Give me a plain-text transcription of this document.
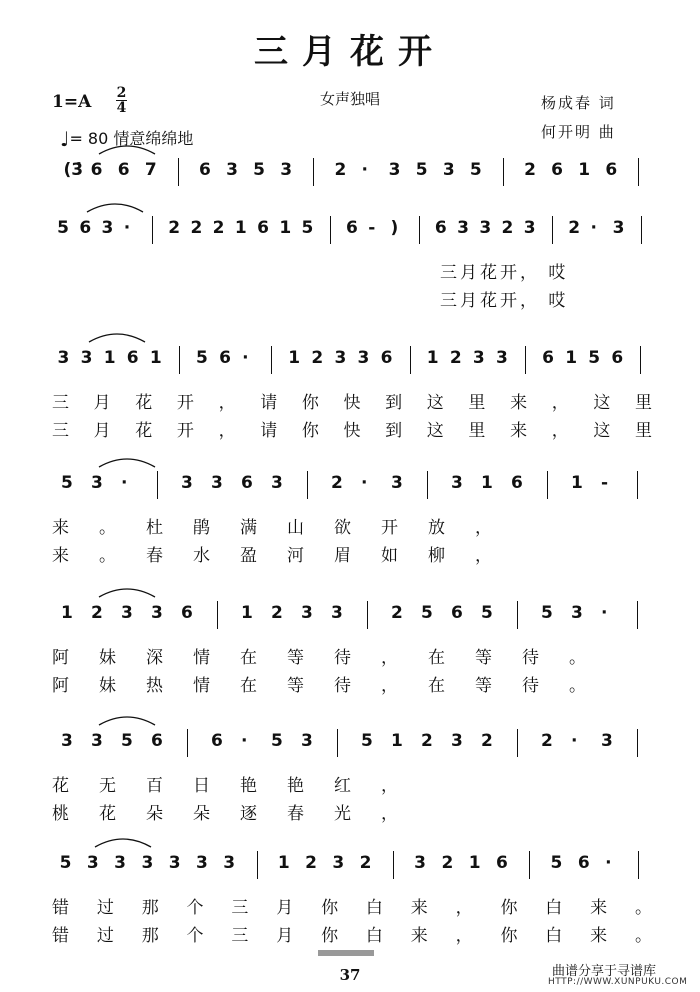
三月花开
1=A 2
4	女声独唱	杨成春 词
何开明 曲
♩= 80 情意绵绵地
(3̇ 6 6 7 6 3 5 3 2 · 3 5 3 5 2 6 1 6
5 6 3 · 2 2 2 1 6 1 5 6 - ) 6 3 3 2 3 2 · 3
三月花开， 哎
三月花开， 哎
3 3 1 6 1 5 6 · 1 2 3 3 6 1 2 3 3 6 1 5 6
三月花开，请你快到这里来，这里
三月花开，请你快到这里来，这里
5 3 ·	3 3 6 3	2 · 3	3 1 6	1 -
来。杜鹃满山欲开放，
来。春水盈河眉如柳，
1 2 3 3 6	1 2 3 3	2 5 6 5	5 3 ·
阿妹深情在等待，在等待。
阿妹热情在等待，在等待。
3 3 5 6	6 · 5 3	5 1 2 3 2	2 · 3
花无百日艳艳红，
桃花朵朵逐春光，
5 3 3 3 3 3 3	1 2 3 2	3 2 1 6	5 6 ·
错过那个三月你白来，你白来。
错过那个三月你白来，你白来。
37	曲谱分享于寻谱库
HTTP://WWW.XUNPUKU.COM
